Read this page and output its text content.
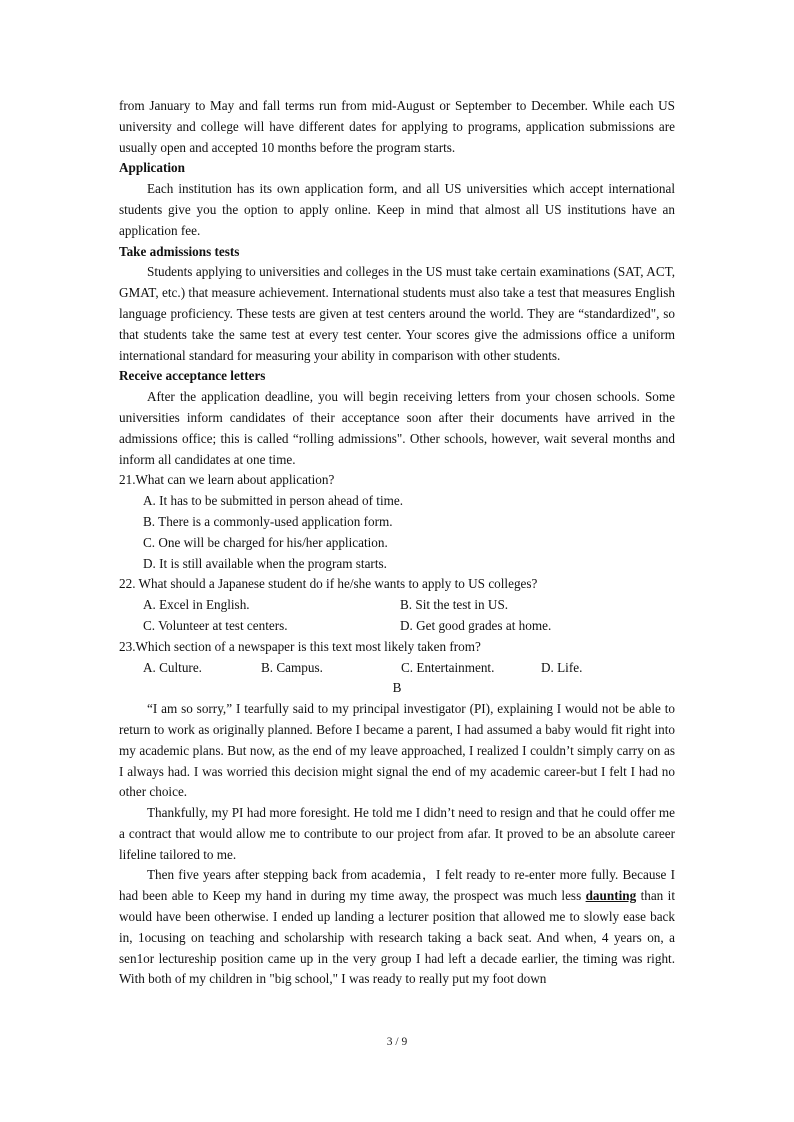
from January to May and fall terms run from mid-August or September to December. While each US university and college will have different dates for applying to programs, application submissions are usually open and accepted 10 months before the program starts.

Application

Each institution has its own application form, and all US universities which accept international students give you the option to apply online. Keep in mind that almost all US institutions have an application fee.

Take admissions tests

Students applying to universities and colleges in the US must take certain examinations (SAT, ACT, GMAT, etc.) that measure achievement. International students must also take a test that measures English language proficiency. These tests are given at test centers around the world. They are “standardized", so that students take the same test at every test center. Your scores give the admissions office a uniform international standard for measuring your ability in comparison with other students.

Receive acceptance letters

After the application deadline, you will begin receiving letters from your chosen schools. Some universities inform candidates of their acceptance soon after their documents have arrived in the admissions office; this is called “rolling admissions". Other schools, however, wait several months and inform all candidates at one time.

21.What can we learn about application?

A. It has to be submitted in person ahead of time.

B. There is a commonly-used application form.

C. One will be charged for his/her application.

D. It is still available when the program starts.

22. What should a Japanese student do if he/she wants to apply to US colleges?

A. Excel in English.	B. Sit the test in US.
C. Volunteer at test centers.	D. Get good grades at home.

23.Which section of a newspaper is this text most likely taken from?

A. Culture.	B. Campus.	C. Entertainment.	D. Life.

B

“I am so sorry,” I tearfully said to my principal investigator (PI), explaining I would not be able to return to work as originally planned. Before I became a parent, I had assumed a baby would fit right into my academic plans. But now, as the end of my leave approached, I realized I couldn’t simply carry on as I always had. I was worried this decision might signal the end of my academic career-but I felt I had no other choice.

Thankfully, my PI had more foresight. He told me I didn’t need to resign and that he could offer me a contract that would allow me to contribute to our project from afar. It proved to be an absolute career lifeline tailored to me.

Then five years after stepping back from academia，I felt ready to re-enter more fully. Because I had been able to Keep my hand in during my time away, the prospect was much less daunting than it would have been otherwise. I ended up landing a lecturer position that allowed me to slowly ease back in, 1ocusing on teaching and scholarship with research taking a back seat. And when, 4 years on, a sen1or lectureship position came up in the very group I had left a decade earlier, the timing was right. With both of my children in "big school," I was ready to really put my foot down

3 / 9
